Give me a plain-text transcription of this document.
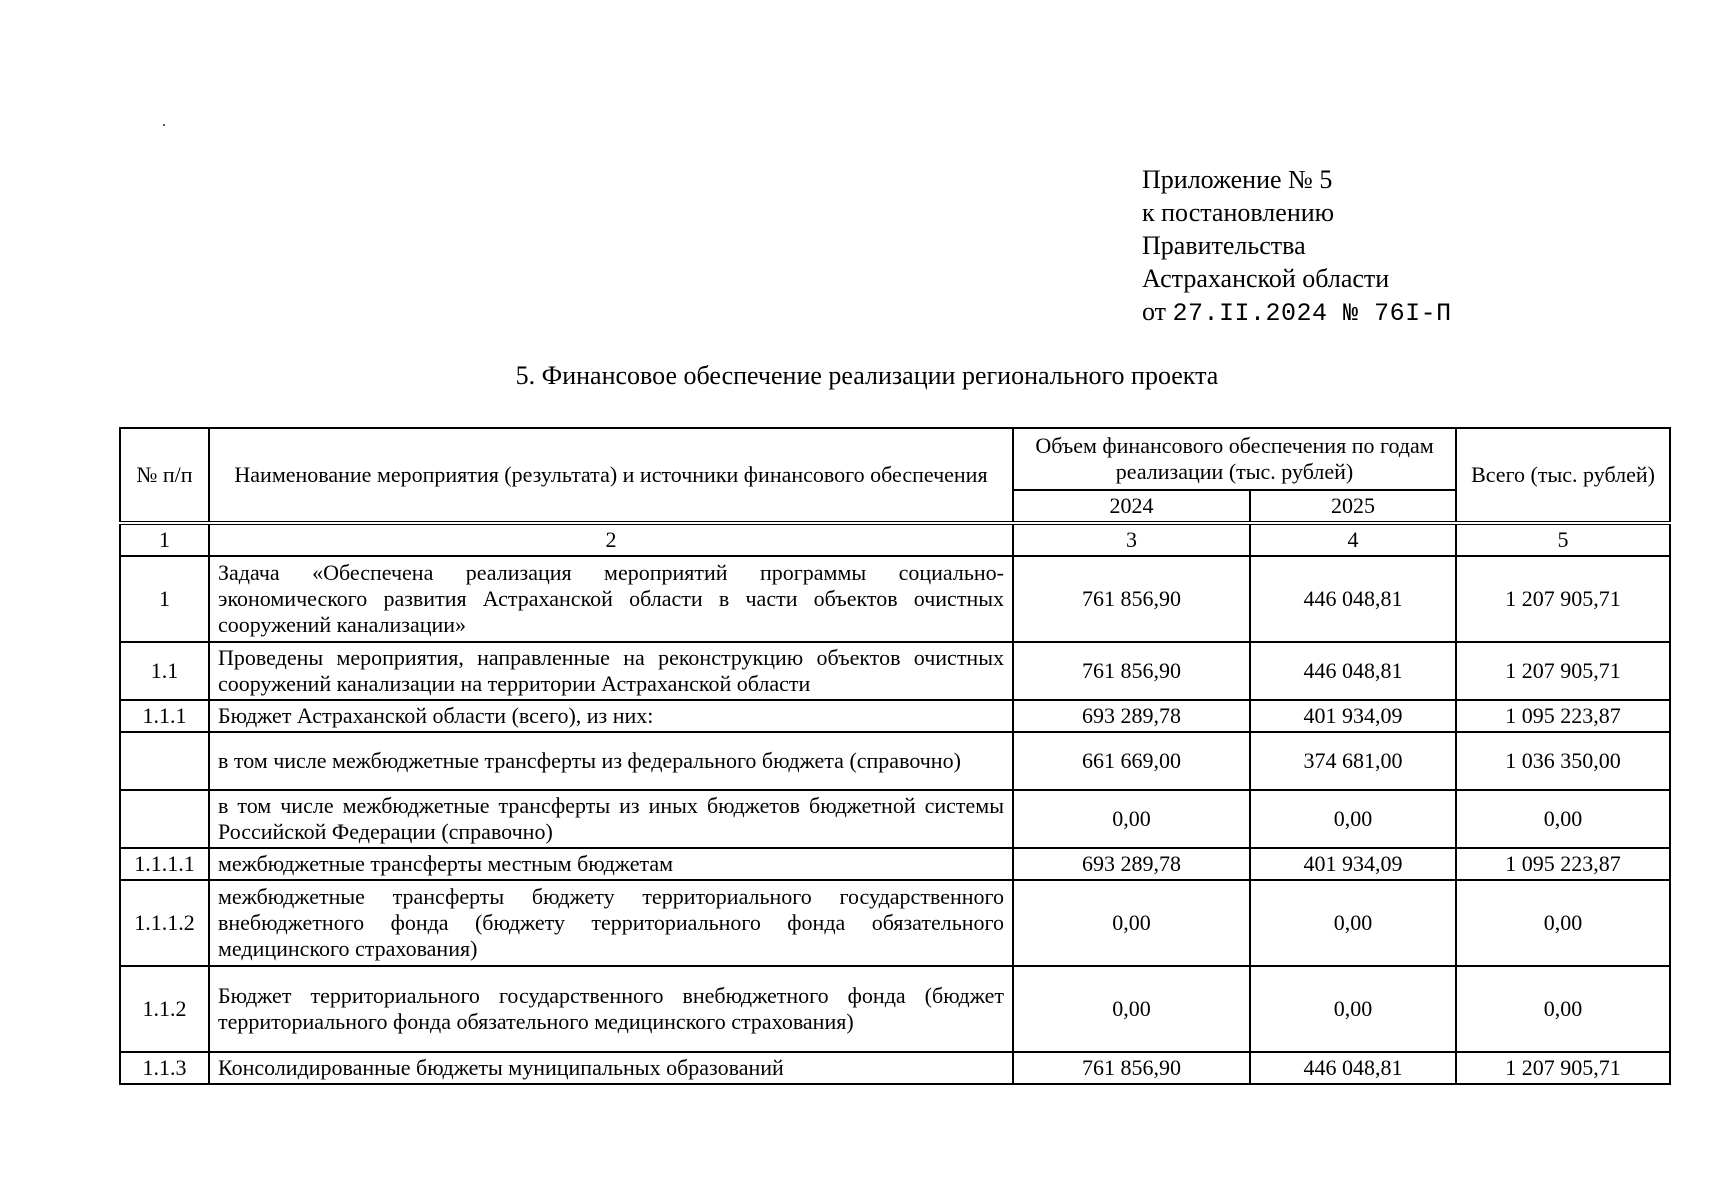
Приложение № 5
к постановлению
Правительства
Астраханской области
от 27.II.2024 № 76I-П
5. Финансовое обеспечение реализации регионального проекта
№ п/п	Наименование мероприятия (результата) и источники финансового обеспечения	Объем финансового обеспечения по годам реализации (тыс. рублей)		Всего (тыс. рублей)
		2024	2025	
1	2	3	4	5
1	Задача «Обеспечена реализация мероприятий программы социально-экономического развития Астраханской области в части объектов очистных сооружений канализации»	761 856,90	446 048,81	1 207 905,71
1.1	Проведены мероприятия, направленные на реконструкцию объектов очистных сооружений канализации на территории Астраханской области	761 856,90	446 048,81	1 207 905,71
1.1.1	Бюджет Астраханской области (всего), из них:	693 289,78	401 934,09	1 095 223,87
	в том числе межбюджетные трансферты из федерального бюджета (справочно)	661 669,00	374 681,00	1 036 350,00
	в том числе межбюджетные трансферты из иных бюджетов бюджетной системы Российской Федерации (справочно)	0,00	0,00	0,00
1.1.1.1	межбюджетные трансферты местным бюджетам	693 289,78	401 934,09	1 095 223,87
1.1.1.2	межбюджетные трансферты бюджету территориального государственного внебюджетного фонда (бюджету территориального фонда обязательного медицинского страхования)	0,00	0,00	0,00
1.1.2	Бюджет территориального государственного внебюджетного фонда (бюджет территориального фонда обязательного медицинского страхования)	0,00	0,00	0,00
1.1.3	Консолидированные бюджеты муниципальных образований	761 856,90	446 048,81	1 207 905,71
